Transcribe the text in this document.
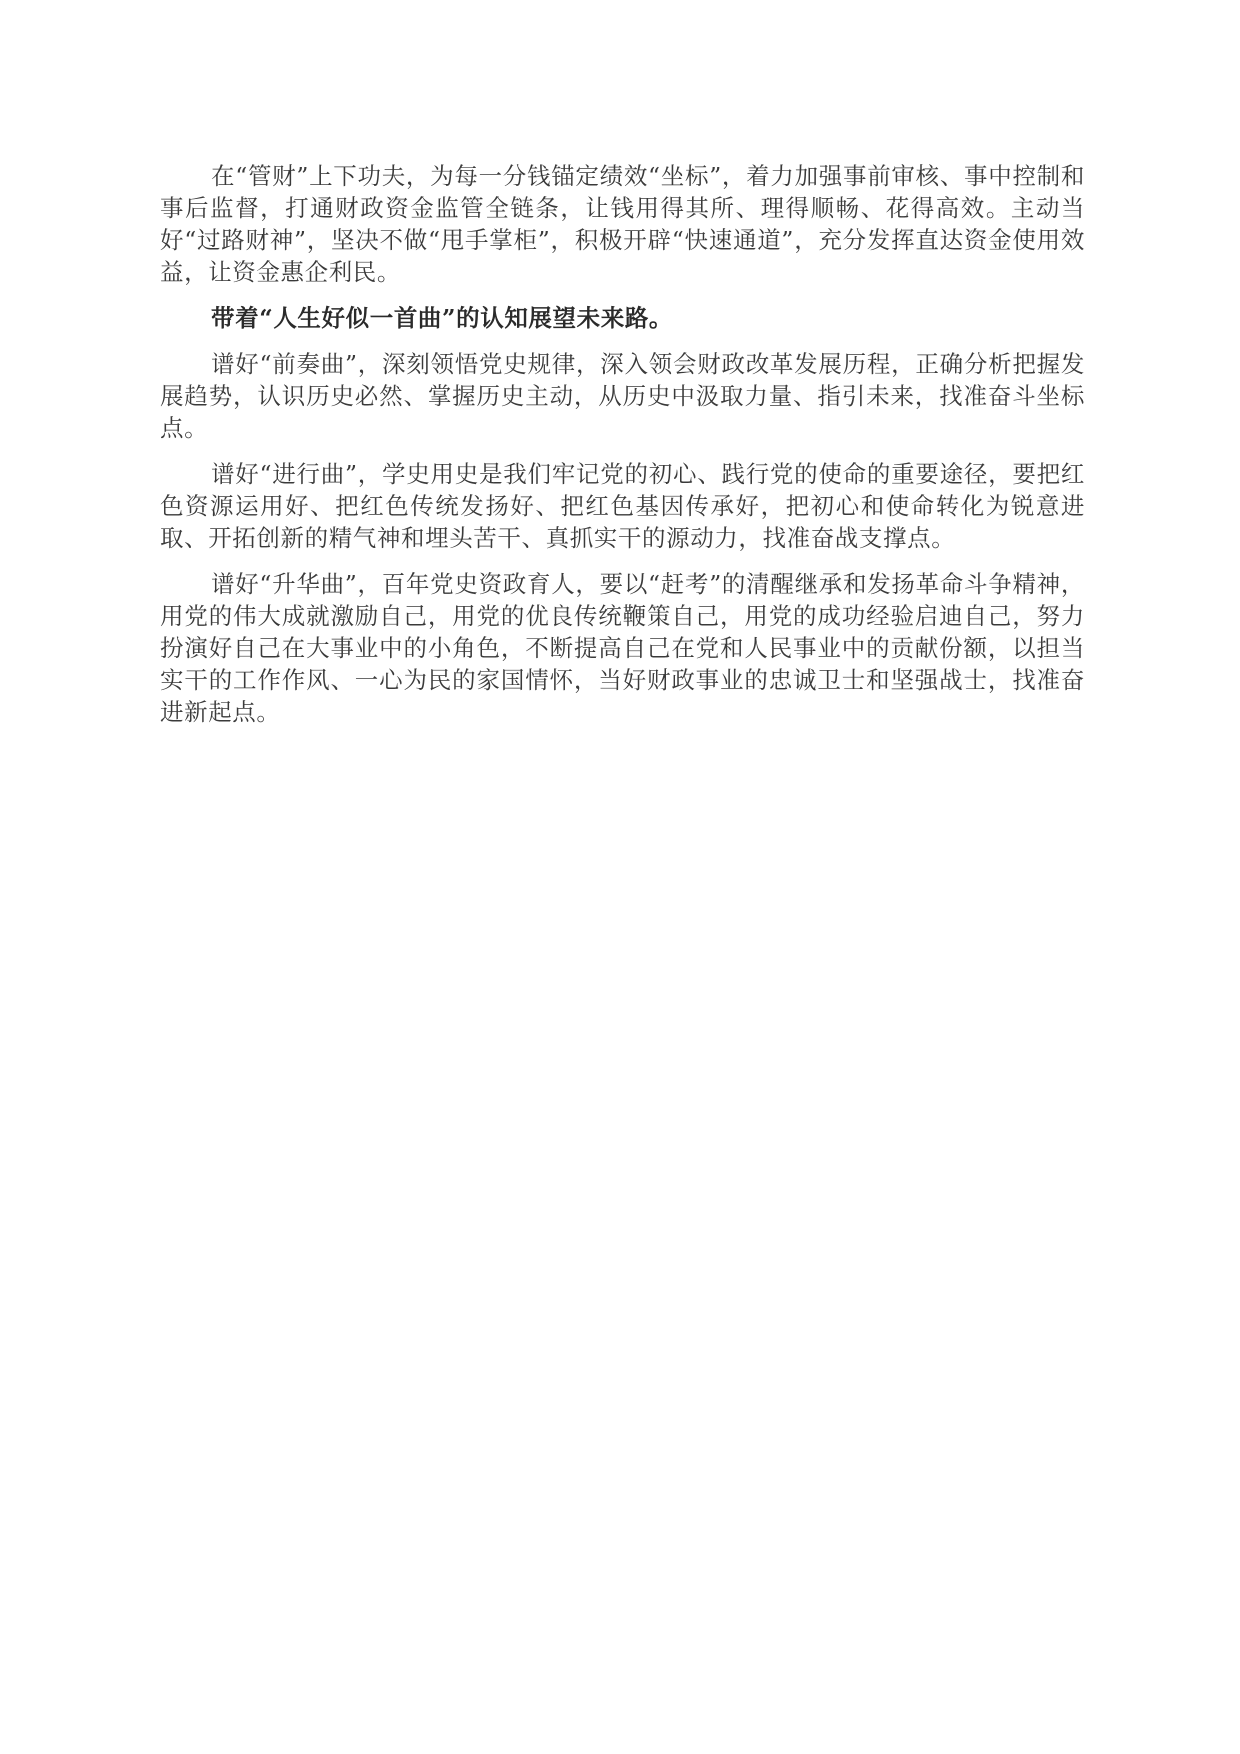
在“管财”上下功夫，为每一分钱锚定绩效“坐标”，着力加强事前审核、事中控制和事后监督，打通财政资金监管全链条，让钱用得其所、理得顺畅、花得高效。主动当好“过路财神”，坚决不做“甩手掌柜”，积极开辟“快速通道”，充分发挥直达资金使用效益，让资金惠企利民。

带着“人生好似一首曲”的认知展望未来路。

谱好“前奏曲”，深刻领悟党史规律，深入领会财政改革发展历程，正确分析把握发展趋势，认识历史必然、掌握历史主动，从历史中汲取力量、指引未来，找准奋斗坐标点。

谱好“进行曲”，学史用史是我们牢记党的初心、践行党的使命的重要途径，要把红色资源运用好、把红色传统发扬好、把红色基因传承好，把初心和使命转化为锐意进取、开拓创新的精气神和埋头苦干、真抓实干的源动力，找准奋战支撑点。

谱好“升华曲”，百年党史资政育人，要以“赶考”的清醒继承和发扬革命斗争精神，用党的伟大成就激励自己，用党的优良传统鞭策自己，用党的成功经验启迪自己，努力扮演好自己在大事业中的小角色，不断提高自己在党和人民事业中的贡献份额，以担当实干的工作作风、一心为民的家国情怀，当好财政事业的忠诚卫士和坚强战士，找准奋进新起点。
